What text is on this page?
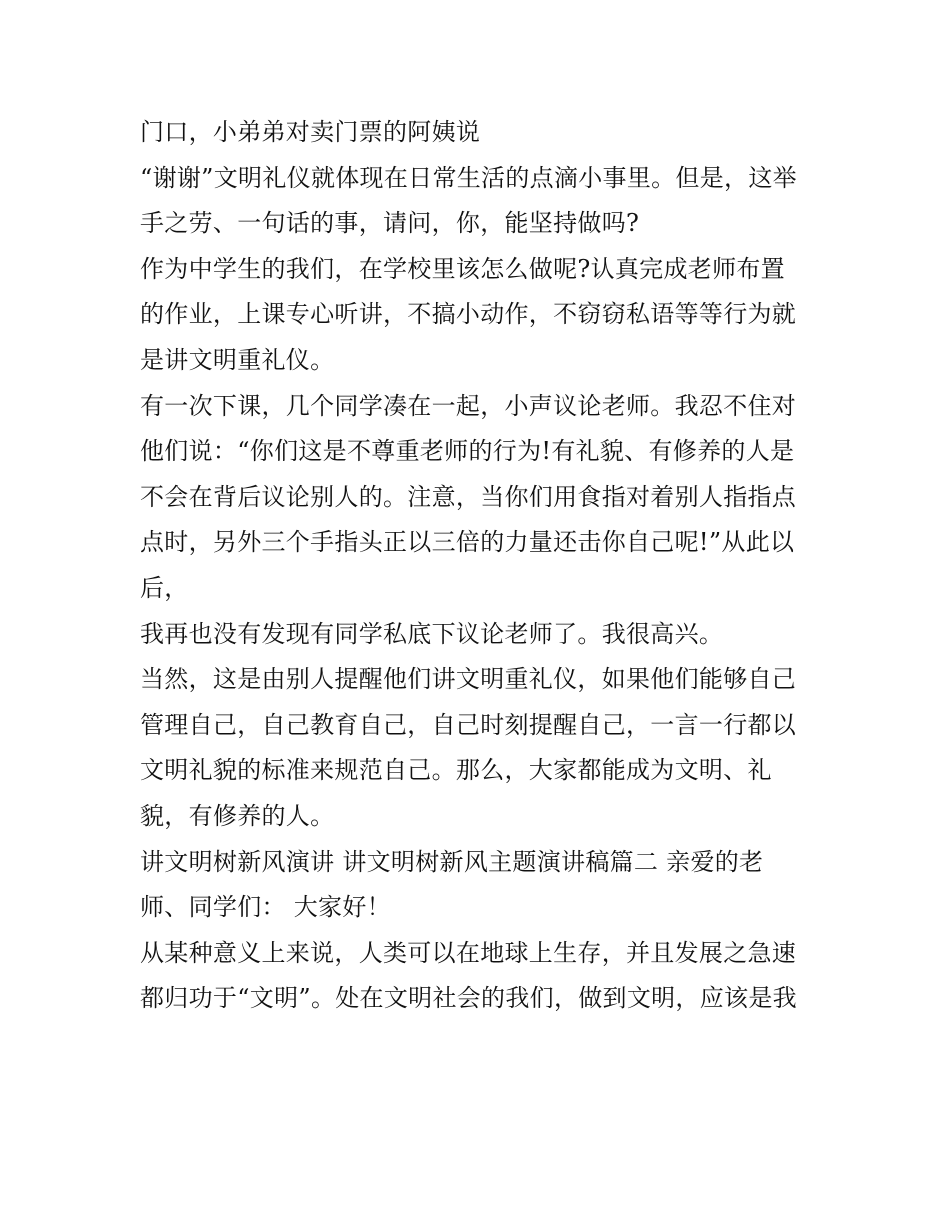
门口，小弟弟对卖门票的阿姨说
“谢谢”文明礼仪就体现在日常生活的点滴小事里。但是，这举
手之劳、一句话的事，请问，你，能坚持做吗?
作为中学生的我们，在学校里该怎么做呢?认真完成老师布置
的作业，上课专心听讲，不搞小动作，不窃窃私语等等行为就
是讲文明重礼仪。
有一次下课，几个同学凑在一起，小声议论老师。我忍不住对
他们说：“你们这是不尊重老师的行为!有礼貌、有修养的人是
不会在背后议论别人的。注意，当你们用食指对着别人指指点
点时，另外三个手指头正以三倍的力量还击你自己呢!”从此以
后，
我再也没有发现有同学私底下议论老师了。我很高兴。
当然，这是由别人提醒他们讲文明重礼仪，如果他们能够自己
管理自己，自己教育自己，自己时刻提醒自己，一言一行都以
文明礼貌的标准来规范自己。那么，大家都能成为文明、礼
貌，有修养的人。
讲文明树新风演讲 讲文明树新风主题演讲稿篇二 亲爱的老
师、同学们： 大家好！
从某种意义上来说，人类可以在地球上生存，并且发展之急速
都归功于“文明”。处在文明社会的我们，做到文明，应该是我
